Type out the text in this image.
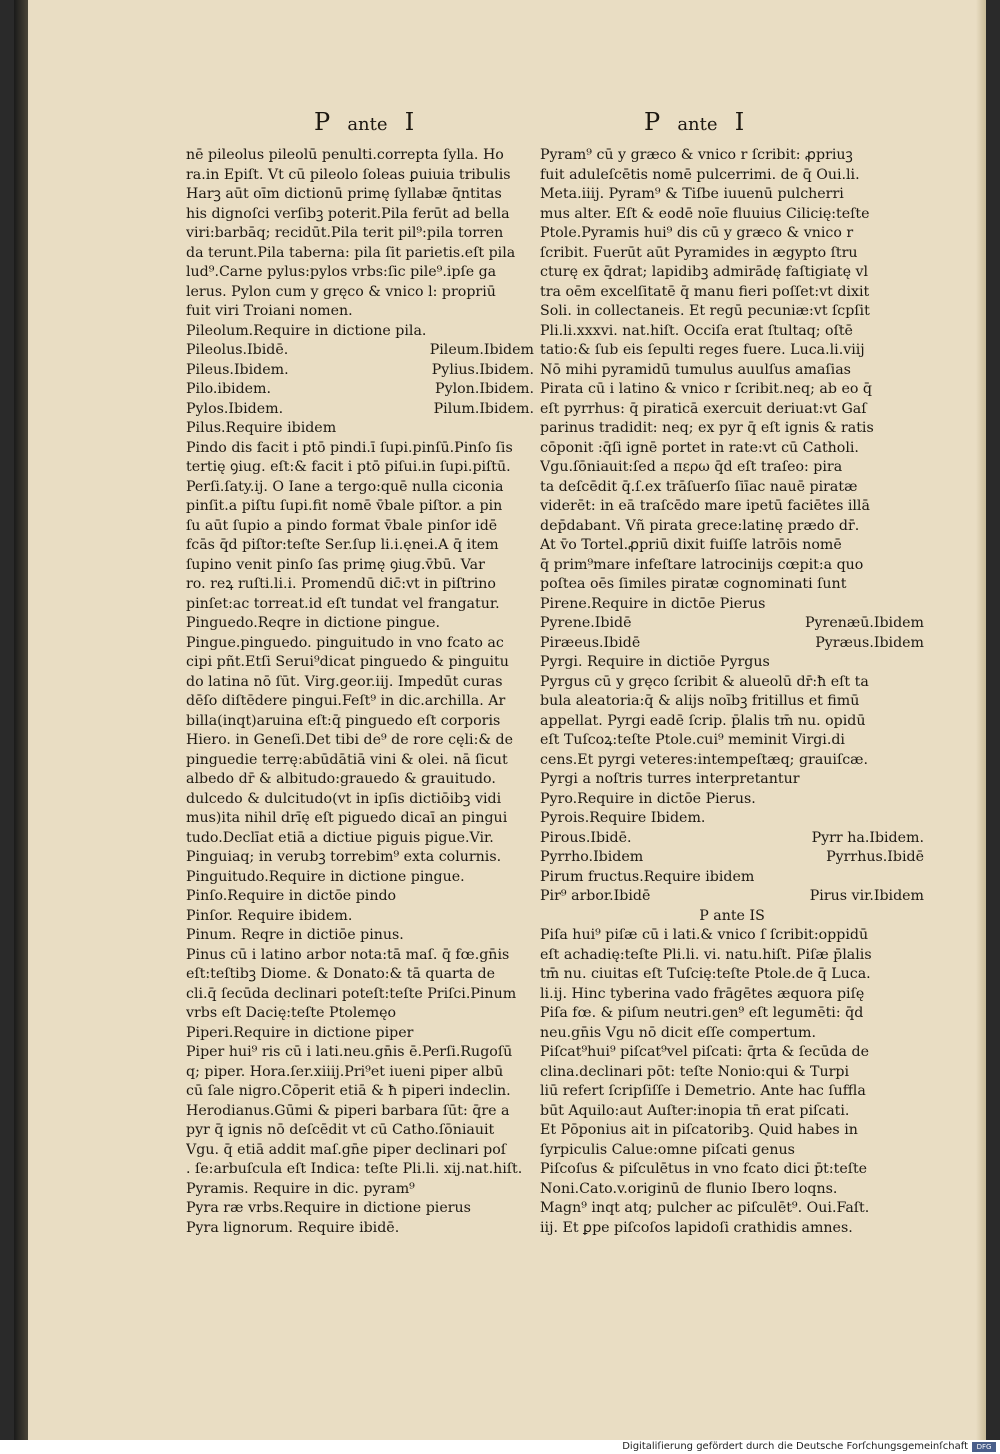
P ante I	P ante I
nē pileolus pileolū penulti.correpta ſylla. Ho
ra.in Epiſt. Vt cū pileolo ſoleas ꝑuiuia tribulis
Harꝫ aūt oīm dictionū primę ſyllabæ q̄ntitas
his dignoſci verſibꝫ poterit.Pila ferūt ad bella
viri:barbāq; recidūt.Pila terit pil⁹:pila torren
da terunt.Pila taberna: pila ſit parietis.eſt pila
lud⁹.Carne pylus:pylos vrbs:ſic pile⁹.ipſe ga
lerus. Pylon cum y gręco & vnico l: propriū
fuit viri Troiani nomen.
Pileolum.Require in dictione pila.
Pileolus.Ibidē.	Pileum.Ibidem
Pileus.Ibidem.	Pylius.Ibidem.
Pilo.ibidem.	Pylon.Ibidem.
Pylos.Ibidem.	Pilum.Ibidem.
Pilus.Require ibidem
Pindo dis facit i ptō pindi.ī ſupi.pinſū.Pinſo ſis
tertię ꝯiug. eſt:& facit i ptō piſui.in ſupi.piſtū.
Perſi.ſaty.ij. O Iane a tergo:quē nulla ciconia
pinſit.a piſtu ſupi.fit nomē v̄bale piſtor. a pin
ſu aūt ſupio a pindo format v̄bale pinſor idē
fcās q̄d piſtor:teſte Ser.ſup li.i.ęnei.A q̄ item
ſupino venit pinſo ſas primę ꝯiug.v̄bū. Var
ro. reꝝ ruſti.li.i. Promendū dic̄:vt in piſtrino
pinſet:ac torreat.id eſt tundat vel frangatur.
Pinguedo.Reqre in dictione pingue.
Pingue.pinguedo. pinguitudo in vno fcato ac
cipi pñt.Etſi Serui⁹dicat pinguedo & pinguitu
do latina nō ſūt. Virg.geor.iij. Impedūt curas
dēſo diſtēdere pingui.Feſt⁹ in dic.archilla. Ar
billa(inqt)aruina eſt:q̄ pinguedo eſt corporis
Hiero. in Geneſi.Det tibi de⁹ de rore cęli:& de
pinguedie terrę:abūdātiā vini & olei. nā ſicut
albedo dr̄ & albitudo:grauedo & grauitudo.
dulcedo & dulcitudo(vt in ipſis dictiōibꝫ vidi
mus)ita nihil drīę eſt piguedo dicaī an pingui
tudo.Declīat etiā a dictiue piguis pigue.Vir.
Pinguiaq; in verubꝫ torrebim⁹ exta colurnis.
Pinguitudo.Require in dictione pingue.
Pinſo.Require in dictōe pindo
Pinſor. Require ibidem.
Pinum. Reqre in dictiōe pinus.
Pinus cū i latino arbor nota:tā maſ. q̄ fœ.gn̄is
eſt:teſtibꝫ Diome. & Donato:& tā quarta de
cli.q̄ ſecūda declinari poteſt:teſte Priſci.Pinum
vrbs eſt Dacię:teſte Ptolemęo
Piperi.Require in dictione piper
Piper hui⁹ ris cū i lati.neu.gn̄is ē.Perſi.Rugoſū
q; piper. Hora.ſer.xiiij.Pri⁹et iueni piper albū
cū ſale nigro.Cōperit etiā & ħ piperi indeclin.
Herodianus.Gūmi & piperi barbara ſūt: q̄re a
pyr q̄ ignis nō deſcēdit vt cū Catho.ſōniauit
Vgu. q̄ etiā addit maſ.gn̄e piper declinari poſ
. ſe:arbuſcula eſt Indica: teſte Pli.li. xij.nat.hiſt.
Pyramis. Require in dic. pyram⁹
Pyra ræ vrbs.Require in dictione pierus
Pyra lignorum. Require ibidē.
Pyram⁹ cū y græco & vnico r ſcribit: ꝓpriuꝫ
fuit aduleſcētis nomē pulcerrimi. de q̄ Oui.li.
Meta.iiij. Pyram⁹ & Tiſbe iuuenū pulcherri
mus alter. Eſt & eodē noīe fluuius Cilicię:teſte
Ptole.Pyramis hui⁹ dis cū y græco & vnico r
ſcribit. Fuerūt aūt Pyramides in ægypto ſtru
cturę ex q̄drat; lapidibꝫ admirādę faſtigiatę vl
tra oēm excelſitatē q̄ manu fieri poſſet:vt dixit
Soli. in collectaneis. Et regū pecuniæ:vt ſcpſit
Pli.li.xxxvi. nat.hiſt. Occiſa erat ſtultaq; oſtē
tatio:& ſub eis ſepulti reges fuere. Luca.li.viij
Nō mihi pyramidū tumulus auulſus amaſias
Pirata cū i latino & vnico r ſcribit.neq; ab eo q̄
eſt pyrrhus: q̄ piraticā exercuit deriuat:vt Gaſ
parinus tradidit: neq; ex pyr q̄ eſt ignis & ratis
cōponit :q̄ſi ignē portet in rate:vt cū Catholi.
Vgu.ſōniauit:ſed a περω q̄d eſt traſeo: pira
ta deſcēdit q̄.ſ.ex trāſuerſo ſiīac nauē piratæ
viderēt: in eā traſcēdo mare ipetū faciētes illā
dep̄dabant. Vñ pirata grece:latinę prædo dr̄.
At v̄o Tortel.ꝓpriū dixit fuiſſe latrōis nomē
q̄ prim⁹mare infeſtare latrocinijs cœpit:a quo
poſtea oēs ſimiles piratæ cognominati ſunt
Pirene.Require in dictōe Pierus
Pyrene.Ibidē	Pyrenæū.Ibidem
Piræeus.Ibidē	Pyræus.Ibidem
Pyrgi. Require in dictiōe Pyrgus
Pyrgus cū y gręco ſcribit & alueolū dr̄:ħ eſt ta
bula aleatoria:q̄ & alijs noībꝫ fritillus et fimū
appellat. Pyrgi eadē ſcrip. p̄lalis tm̄ nu. opidū
eſt Tuſcoꝝ:teſte Ptole.cui⁹ meminit Virgi.di
cens.Et pyrgi veteres:intempeſtæq; grauiſcæ.
Pyrgi a noſtris turres interpretantur
Pyro.Require in dictōe Pierus.
Pyrois.Require Ibidem.
Pirous.Ibidē.	Pyrr ha.Ibidem.
Pyrrho.Ibidem	Pyrrhus.Ibidē
Pirum fructus.Require ibidem
Pir⁹ arbor.Ibidē	Pirus vir.Ibidem
P ante IS
Piſa hui⁹ piſæ cū i lati.& vnico ſ ſcribit:oppidū
eſt achadię:teſte Pli.li. vi. natu.hiſt. Piſæ p̄lalis
tm̄ nu. ciuitas eſt Tuſcię:teſte Ptole.de q̄ Luca.
li.ij. Hinc tyberina vado frāgētes æquora piſę
Piſa fœ. & piſum neutri.gen⁹ eſt legumēti: q̄d
neu.gn̄is Vgu nō dicit eſſe compertum.
Piſcat⁹hui⁹ piſcat⁹vel piſcati: q̄rta & ſecūda de
clina.declinari pōt: teſte Nonio:qui & Turpi
liū refert ſcripſiſſe i Demetrio. Ante hac ſuffla
būt Aquilo:aut Auſter:inopia tn̄ erat piſcati.
Et Pōponius ait in piſcatoribꝫ. Quid habes in
ſyrpiculis Calue:omne piſcati genus
Piſcoſus & piſculētus in vno fcato dici p̄t:teſte
Noni.Cato.v.originū de flunio Ibero loqns.
Magn⁹ inqt atq; pulcher ac piſculēt⁹. Oui.Faſt.
iij. Et ꝑpe piſcoſos lapidoſi crathidis amnes.
Digitaliſierung gefördert durch die Deutsche Forſchungsgemeinſchaft	DFG
